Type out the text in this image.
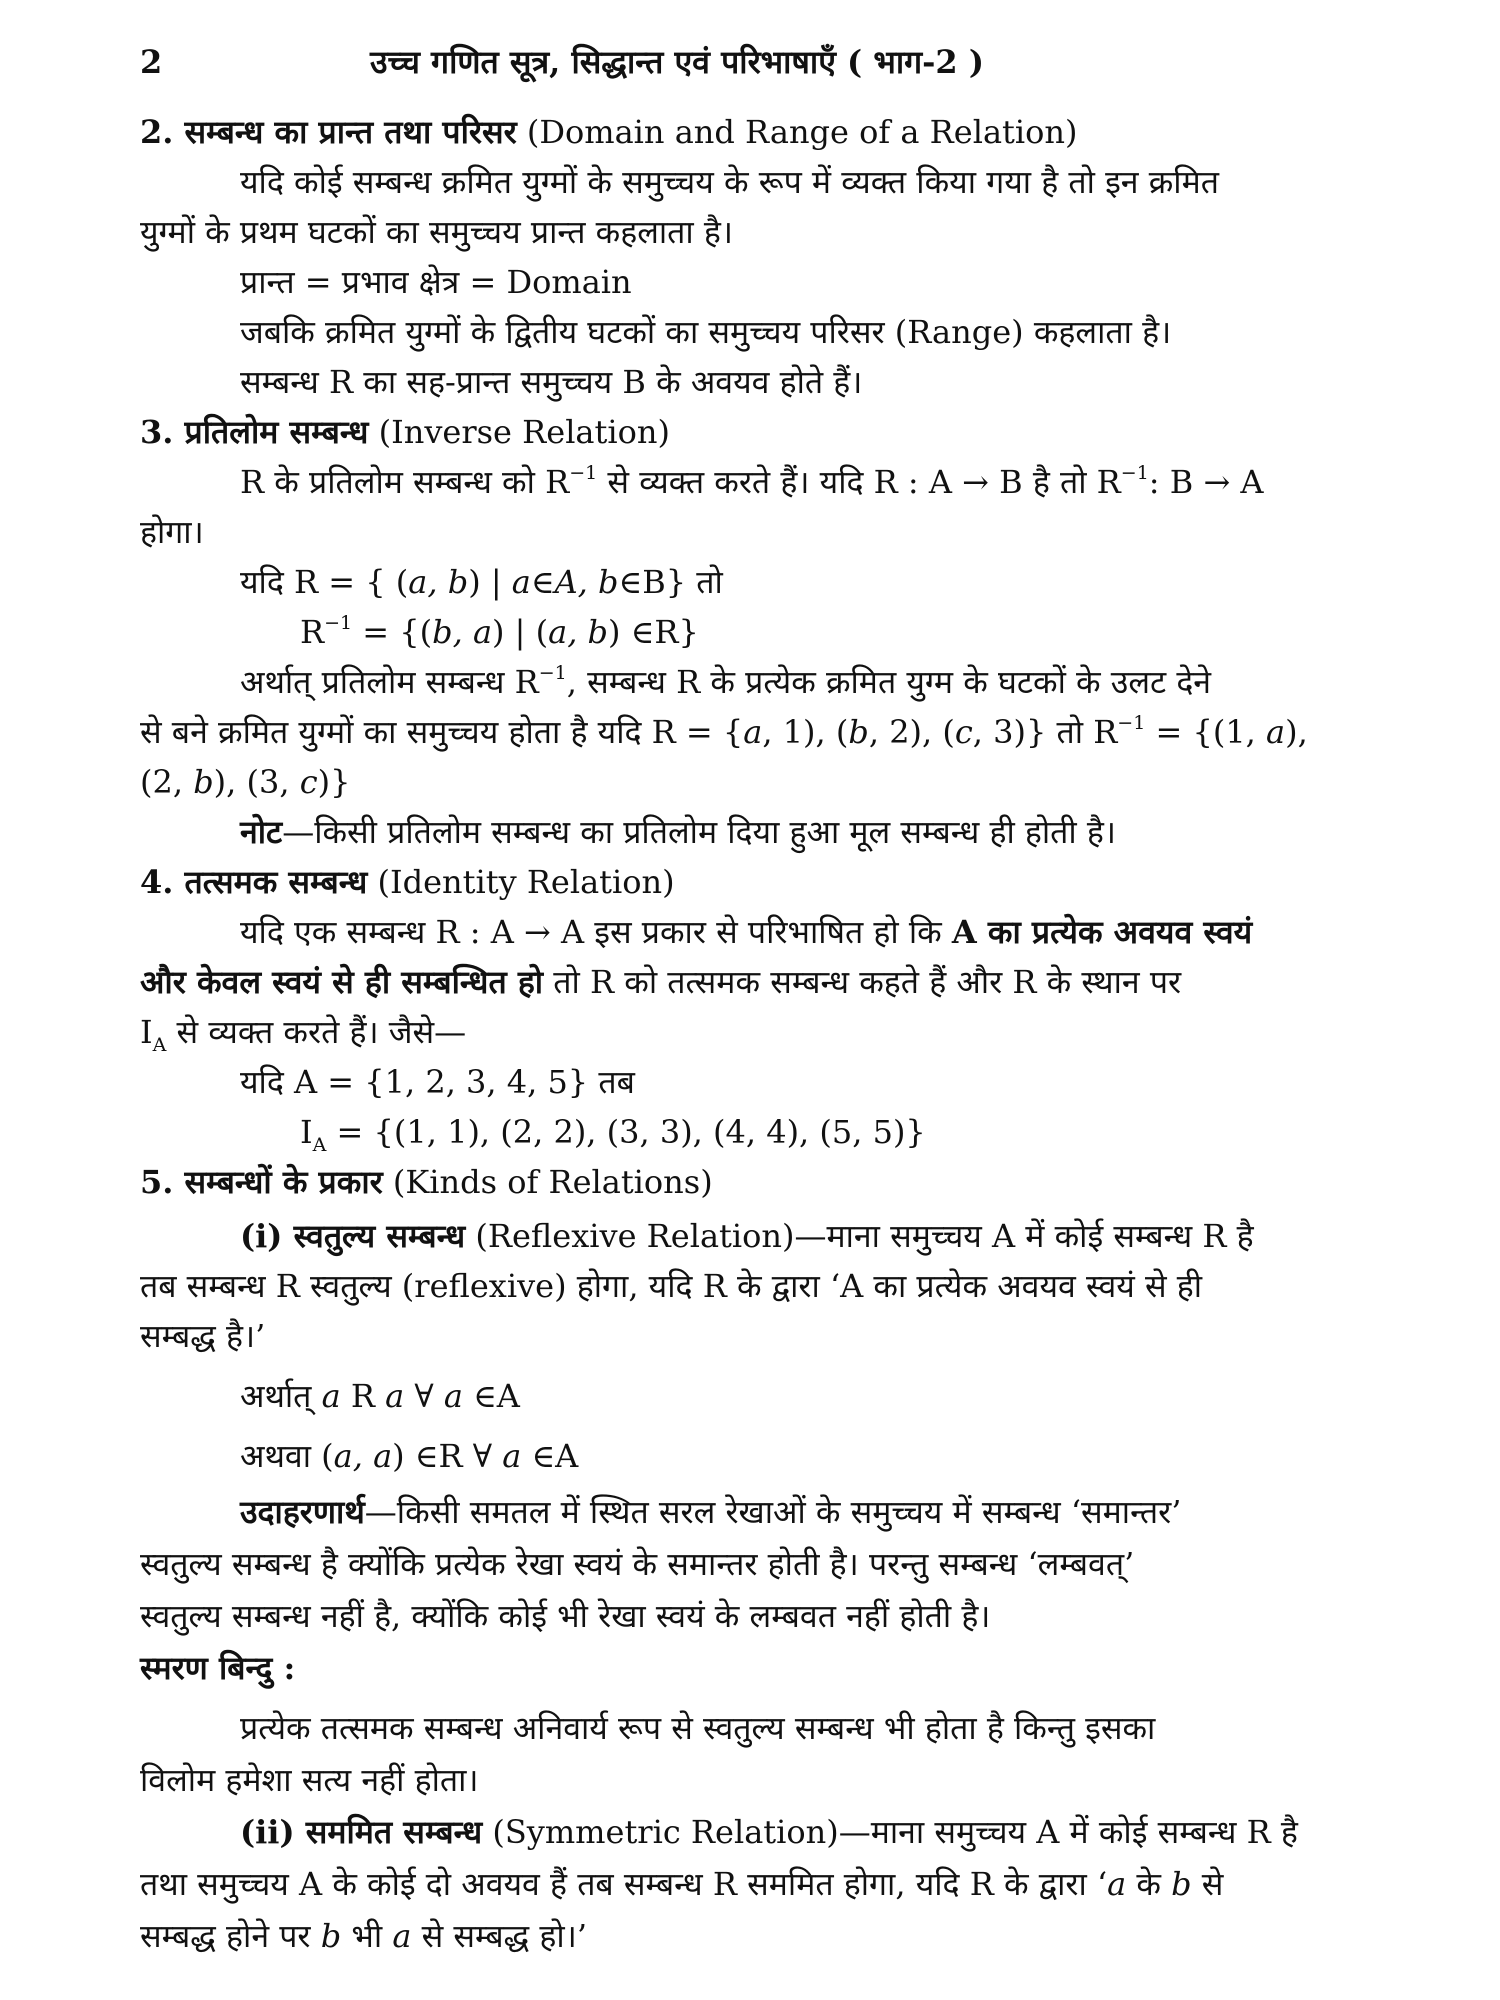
2	उच्च गणित सूत्र, सिद्धान्त एवं परिभाषाएँ ( भाग-2 )
2. सम्बन्ध का प्रान्त तथा परिसर (Domain and Range of a Relation)
यदि कोई सम्बन्ध क्रमित युग्मों के समुच्चय के रूप में व्यक्त किया गया है तो इन क्रमित
युग्मों के प्रथम घटकों का समुच्चय प्रान्त कहलाता है।
प्रान्त = प्रभाव क्षेत्र = Domain
जबकि क्रमित युग्मों के द्वितीय घटकों का समुच्चय परिसर (Range) कहलाता है।
सम्बन्ध R का सह-प्रान्त समुच्चय B के अवयव होते हैं।
3. प्रतिलोम सम्बन्ध (Inverse Relation)
R के प्रतिलोम सम्बन्ध को $R^{-1}$ से व्यक्त करते हैं। यदि R : A → B है तो $R^{-1}$: B → A
होगा।
यदि R = { (a, b) | a∈A, b∈B} तो
$R^{-1} = \{(b$, a) | (a, b) ∈R}
अर्थात् प्रतिलोम सम्बन्ध $R^{-1}$, सम्बन्ध R के प्रत्येक क्रमित युग्म के घटकों के उलट देने
से बने क्रमित युग्मों का समुच्चय होता है यदि R = {a, 1), (b, 2), (c, 3)} तो $R^{-1} = \{(1$, a),
(2, b), (3, c)}
नोट—किसी प्रतिलोम सम्बन्ध का प्रतिलोम दिया हुआ मूल सम्बन्ध ही होती है।
4. तत्समक सम्बन्ध (Identity Relation)
यदि एक सम्बन्ध R : A → A इस प्रकार से परिभाषित हो कि A का प्रत्येक अवयव स्वयं
और केवल स्वयं से ही सम्बन्धित हो तो R को तत्समक सम्बन्ध कहते हैं और R के स्थान पर
$I_A$ से व्यक्त करते हैं। जैसे—
यदि A = {1, 2, 3, 4, 5} तब
$I_A = \{(1$, 1), (2, 2), (3, 3), (4, 4), (5, 5)}
5. सम्बन्धों के प्रकार (Kinds of Relations)
(i) स्वतुल्य सम्बन्ध (Reflexive Relation)—माना समुच्चय A में कोई सम्बन्ध R है
तब सम्बन्ध R स्वतुल्य (reflexive) होगा, यदि R के द्वारा ‘A का प्रत्येक अवयव स्वयं से ही
सम्बद्ध है।’
अर्थात् a R a ∀ a ∈A
अथवा (a, a) ∈R ∀ a ∈A
उदाहरणार्थ—किसी समतल में स्थित सरल रेखाओं के समुच्चय में सम्बन्ध ‘समान्तर’
स्वतुल्य सम्बन्ध है क्योंकि प्रत्येक रेखा स्वयं के समान्तर होती है। परन्तु सम्बन्ध ‘लम्बवत्’
स्वतुल्य सम्बन्ध नहीं है, क्योंकि कोई भी रेखा स्वयं के लम्बवत नहीं होती है।
स्मरण बिन्दु :
प्रत्येक तत्समक सम्बन्ध अनिवार्य रूप से स्वतुल्य सम्बन्ध भी होता है किन्तु इसका
विलोम हमेशा सत्य नहीं होता।
(ii) सममित सम्बन्ध (Symmetric Relation)—माना समुच्चय A में कोई सम्बन्ध R है
तथा समुच्चय A के कोई दो अवयव हैं तब सम्बन्ध R सममित होगा, यदि R के द्वारा ‘a के b से
सम्बद्ध होने पर b भी a से सम्बद्ध हो।’
